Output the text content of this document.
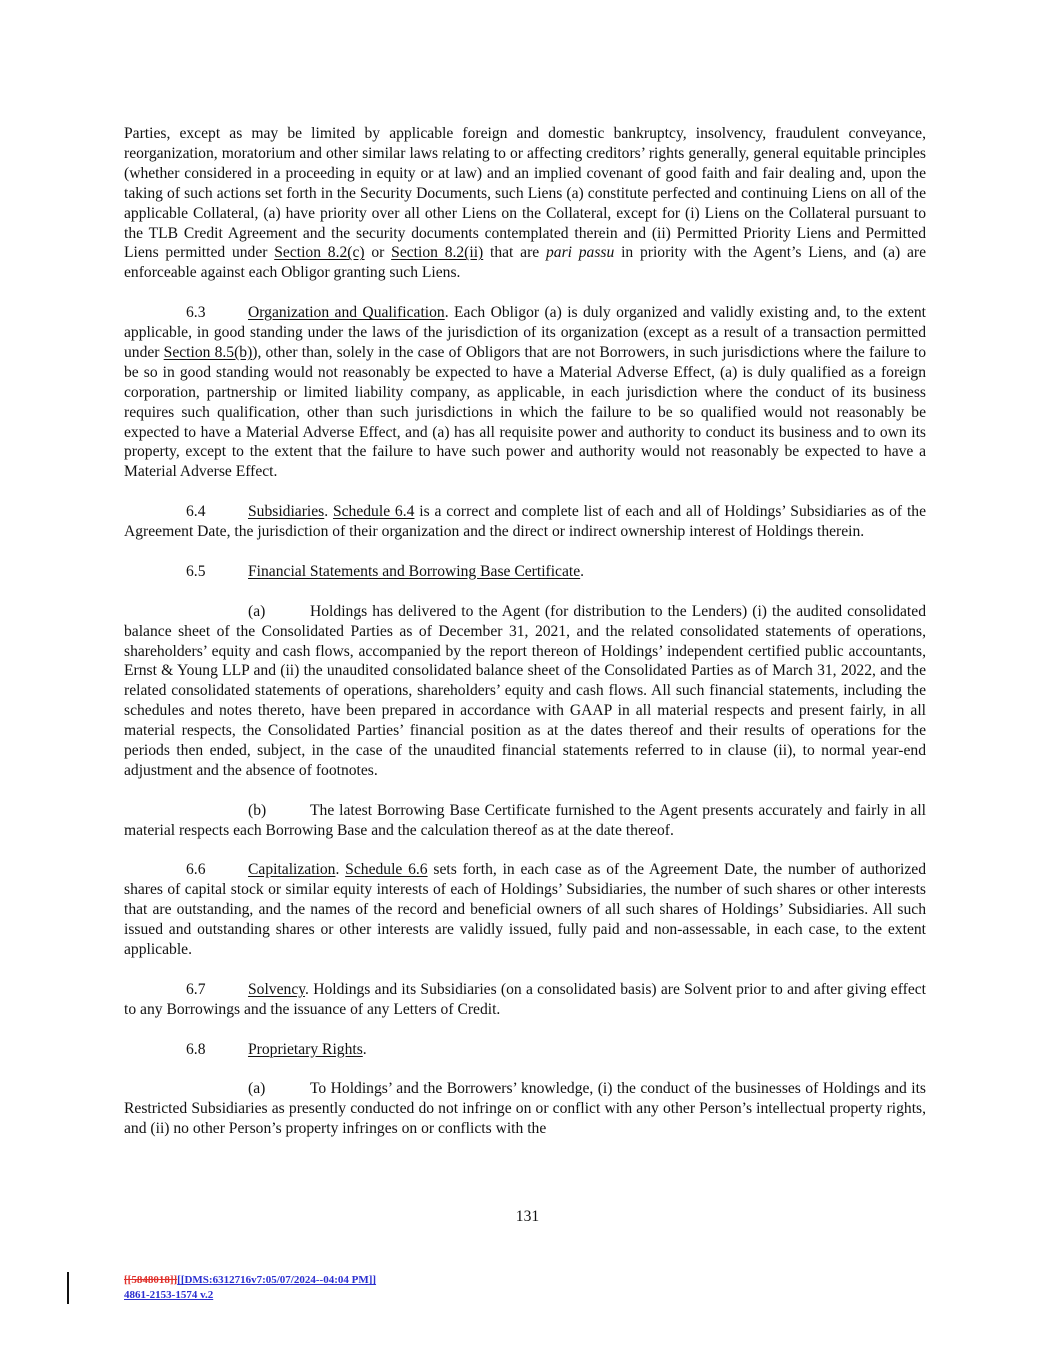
Parties, except as may be limited by applicable foreign and domestic bankruptcy, insolvency, fraudulent conveyance, reorganization, moratorium and other similar laws relating to or affecting creditors’ rights generally, general equitable principles (whether considered in a proceeding in equity or at law) and an implied covenant of good faith and fair dealing and, upon the taking of such actions set forth in the Security Documents, such Liens (a) constitute perfected and continuing Liens on all of the applicable Collateral, (a) have priority over all other Liens on the Collateral, except for (i) Liens on the Collateral pursuant to the TLB Credit Agreement and the security documents contemplated therein and (ii) Permitted Priority Liens and Permitted Liens permitted under Section 8.2(c) or Section 8.2(ii) that are pari passu in priority with the Agent’s Liens, and (a) are enforceable against each Obligor granting such Liens.

6.3	Organization and Qualification. Each Obligor (a) is duly organized and validly existing and, to the extent applicable, in good standing under the laws of the jurisdiction of its organization (except as a result of a transaction permitted under Section 8.5(b)), other than, solely in the case of Obligors that are not Borrowers, in such jurisdictions where the failure to be so in good standing would not reasonably be expected to have a Material Adverse Effect, (a) is duly qualified as a foreign corporation, partnership or limited liability company, as applicable, in each jurisdiction where the conduct of its business requires such qualification, other than such jurisdictions in which the failure to be so qualified would not reasonably be expected to have a Material Adverse Effect, and (a) has all requisite power and authority to conduct its business and to own its property, except to the extent that the failure to have such power and authority would not reasonably be expected to have a Material Adverse Effect.

6.4	Subsidiaries. Schedule 6.4 is a correct and complete list of each and all of Holdings’ Subsidiaries as of the Agreement Date, the jurisdiction of their organization and the direct or indirect ownership interest of Holdings therein.

6.5	Financial Statements and Borrowing Base Certificate.

(a)	Holdings has delivered to the Agent (for distribution to the Lenders) (i) the audited consolidated balance sheet of the Consolidated Parties as of December 31, 2021, and the related consolidated statements of operations, shareholders’ equity and cash flows, accompanied by the report thereon of Holdings’ independent certified public accountants, Ernst & Young LLP and (ii) the unaudited consolidated balance sheet of the Consolidated Parties as of March 31, 2022, and the related consolidated statements of operations, shareholders’ equity and cash flows. All such financial statements, including the schedules and notes thereto, have been prepared in accordance with GAAP in all material respects and present fairly, in all material respects, the Consolidated Parties’ financial position as at the dates thereof and their results of operations for the periods then ended, subject, in the case of the unaudited financial statements referred to in clause (ii), to normal year-end adjustment and the absence of footnotes.

(b)	The latest Borrowing Base Certificate furnished to the Agent presents accurately and fairly in all material respects each Borrowing Base and the calculation thereof as at the date thereof.

6.6	Capitalization. Schedule 6.6 sets forth, in each case as of the Agreement Date, the number of authorized shares of capital stock or similar equity interests of each of Holdings’ Subsidiaries, the number of such shares or other interests that are outstanding, and the names of the record and beneficial owners of all such shares of Holdings’ Subsidiaries. All such issued and outstanding shares or other interests are validly issued, fully paid and non-assessable, in each case, to the extent applicable.

6.7	Solvency. Holdings and its Subsidiaries (on a consolidated basis) are Solvent prior to and after giving effect to any Borrowings and the issuance of any Letters of Credit.

6.8	Proprietary Rights.

(a)	To Holdings’ and the Borrowers’ knowledge, (i) the conduct of the businesses of Holdings and its Restricted Subsidiaries as presently conducted do not infringe on or conflict with any other Person’s intellectual property rights, and (ii) no other Person’s property infringes on or conflicts with the

131
[[5848018]][[DMS:6312716v7:05/07/2024--04:04 PM]]
4861-2153-1574 v.2
